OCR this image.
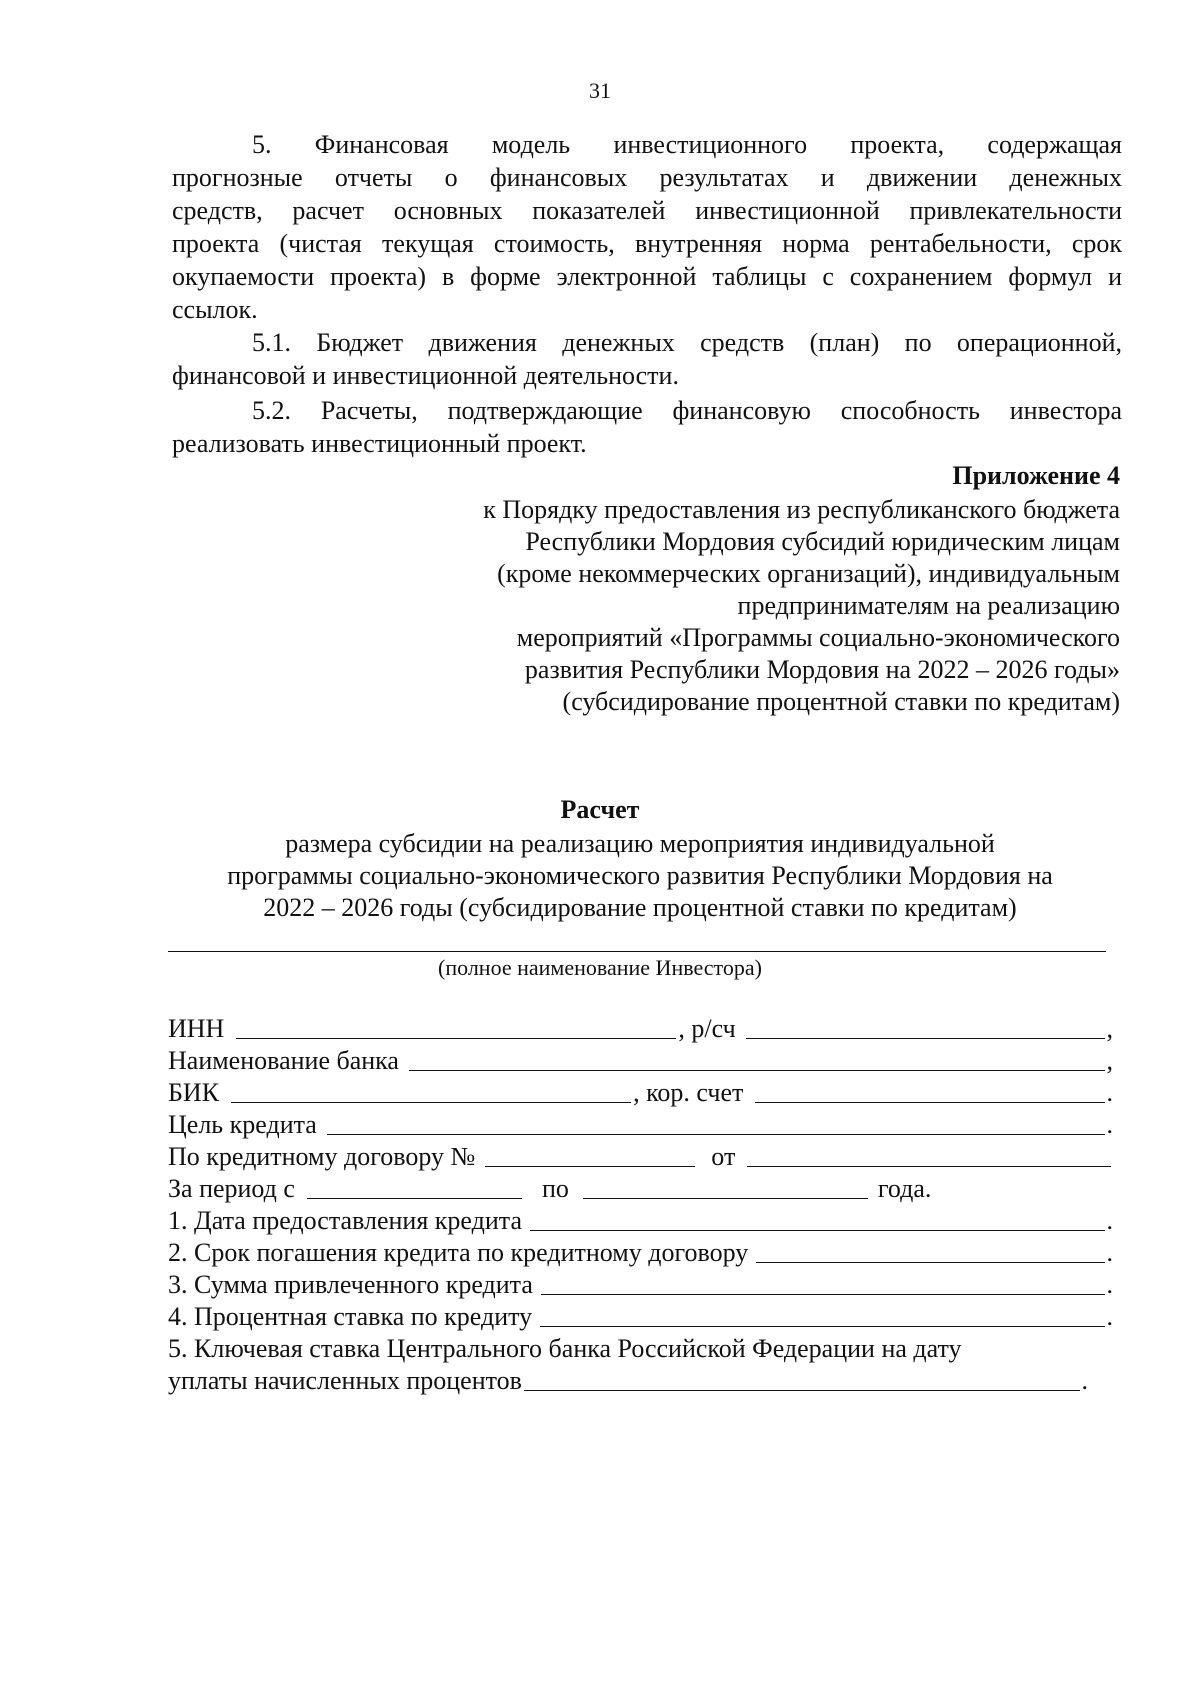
31
5. Финансовая модель инвестиционного проекта, содержащая
прогнозные отчеты о финансовых результатах и движении денежных
средств, расчет основных показателей инвестиционной привлекательности
проекта (чистая текущая стоимость, внутренняя норма рентабельности, срок
окупаемости проекта) в форме электронной таблицы с сохранением формул и
ссылок.
5.1. Бюджет движения денежных средств (план) по операционной,
финансовой и инвестиционной деятельности.
5.2. Расчеты, подтверждающие финансовую способность инвестора
реализовать инвестиционный проект.
Приложение 4
к Порядку предоставления из республиканского бюджета
Республики Мордовия субсидий юридическим лицам
(кроме некоммерческих организаций), индивидуальным
предпринимателям на реализацию
мероприятий «Программы социально-экономического
развития Республики Мордовия на 2022 – 2026 годы»
(субсидирование процентной ставки по кредитам)
Расчет
размера субсидии на реализацию мероприятия индивидуальной
программы социально-экономического развития Республики Мордовия на
2022 – 2026 годы (субсидирование процентной ставки по кредитам)
(полное наименование Инвестора)
ИНН	, р/сч	,
Наименование банка	,
БИК	, кор. счет	.
Цель кредита	.
По кредитному договору №	от
За период с	по	года.
1. Дата предоставления кредита	.
2. Срок погашения кредита по кредитному договору	.
3. Сумма привлеченного кредита	.
4. Процентная ставка по кредиту	.
5. Ключевая ставка Центрального банка Российской Федерации на дату
уплаты начисленных процентов	.
